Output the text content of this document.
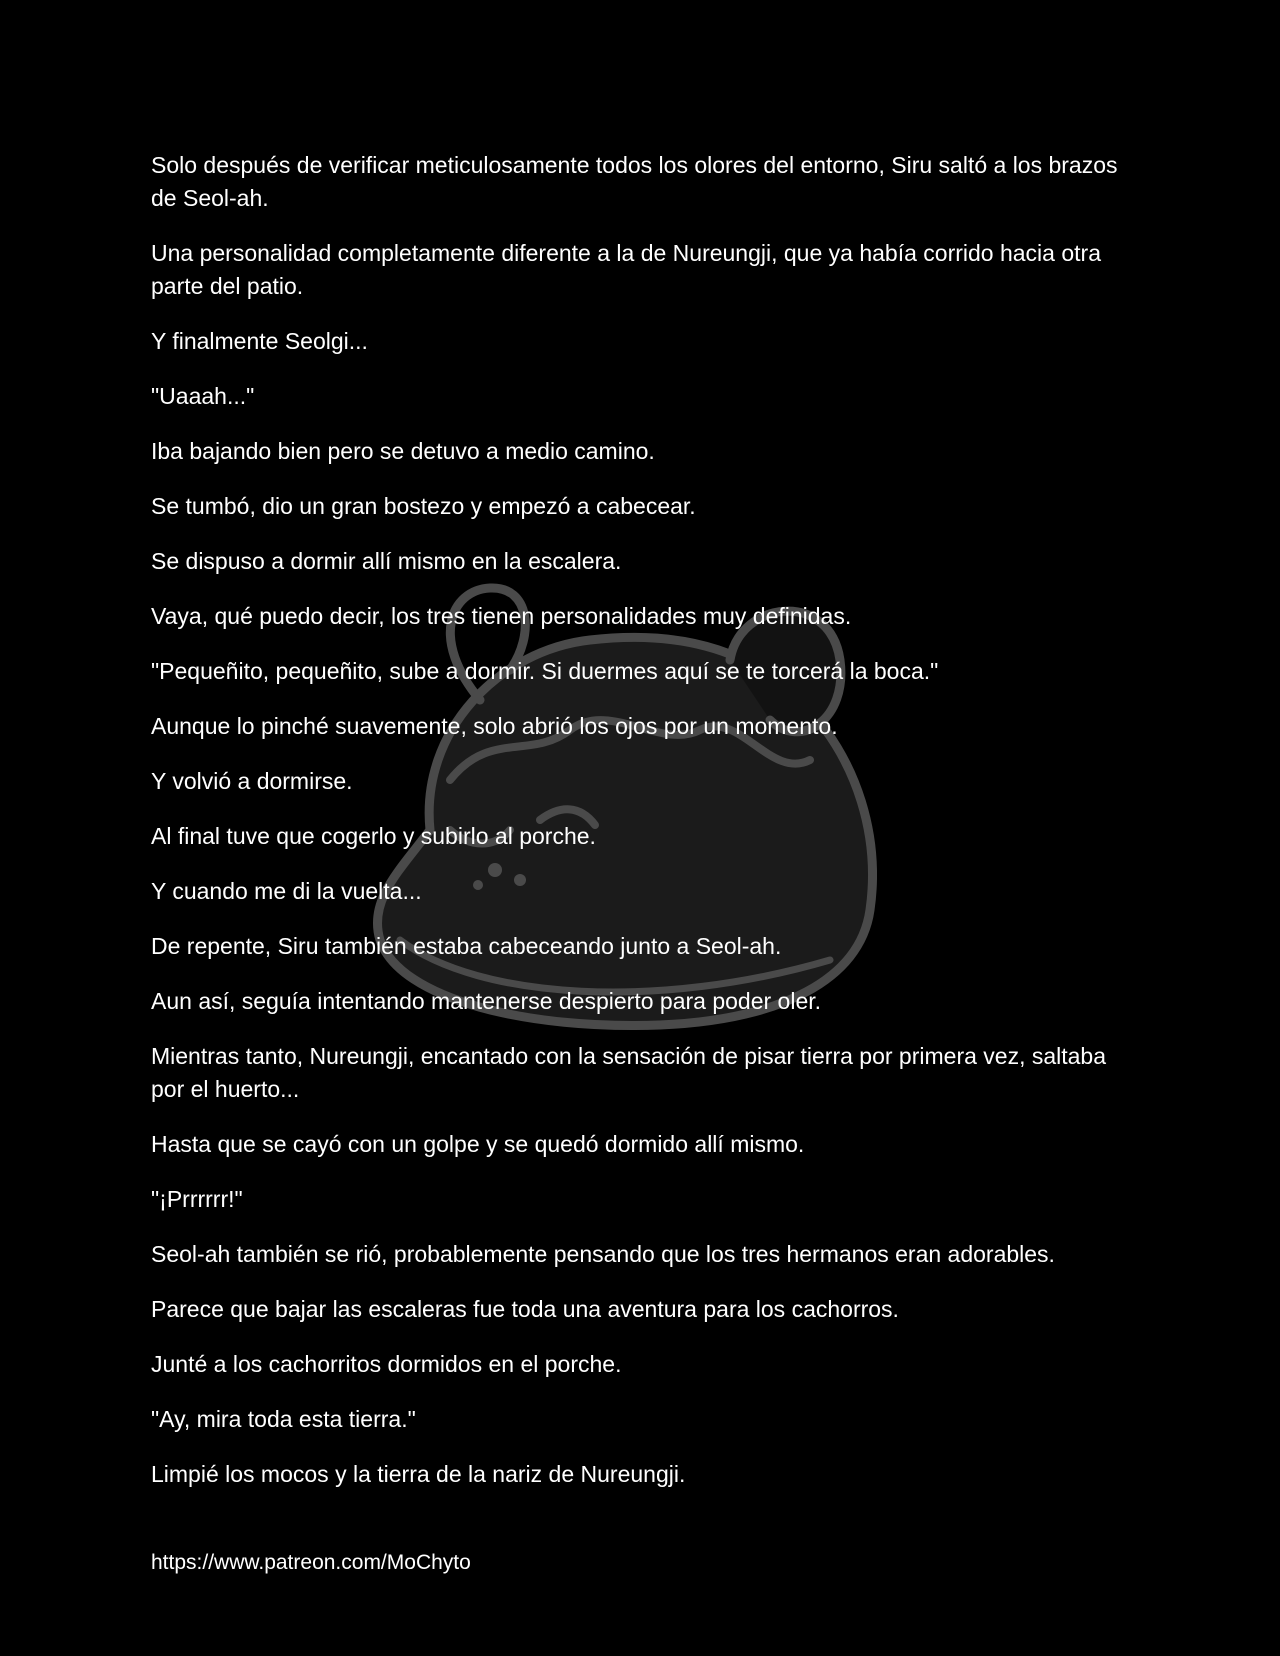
Solo después de verificar meticulosamente todos los olores del entorno, Siru saltó a los brazos de Seol-ah.

Una personalidad completamente diferente a la de Nureungji, que ya había corrido hacia otra parte del patio.

Y finalmente Seolgi...

"Uaaah..."

Iba bajando bien pero se detuvo a medio camino.

Se tumbó, dio un gran bostezo y empezó a cabecear.

Se dispuso a dormir allí mismo en la escalera.

Vaya, qué puedo decir, los tres tienen personalidades muy definidas.

"Pequeñito, pequeñito, sube a dormir. Si duermes aquí se te torcerá la boca."

Aunque lo pinché suavemente, solo abrió los ojos por un momento.

Y volvió a dormirse.

Al final tuve que cogerlo y subirlo al porche.

Y cuando me di la vuelta...

De repente, Siru también estaba cabeceando junto a Seol-ah.

Aun así, seguía intentando mantenerse despierto para poder oler.

Mientras tanto, Nureungji, encantado con la sensación de pisar tierra por primera vez, saltaba por el huerto...

Hasta que se cayó con un golpe y se quedó dormido allí mismo.

"¡Prrrrrr!"

Seol-ah también se rió, probablemente pensando que los tres hermanos eran adorables.

Parece que bajar las escaleras fue toda una aventura para los cachorros.

Junté a los cachorritos dormidos en el porche.

"Ay, mira toda esta tierra."

Limpié los mocos y la tierra de la nariz de Nureungji.

https://www.patreon.com/MoChyto
